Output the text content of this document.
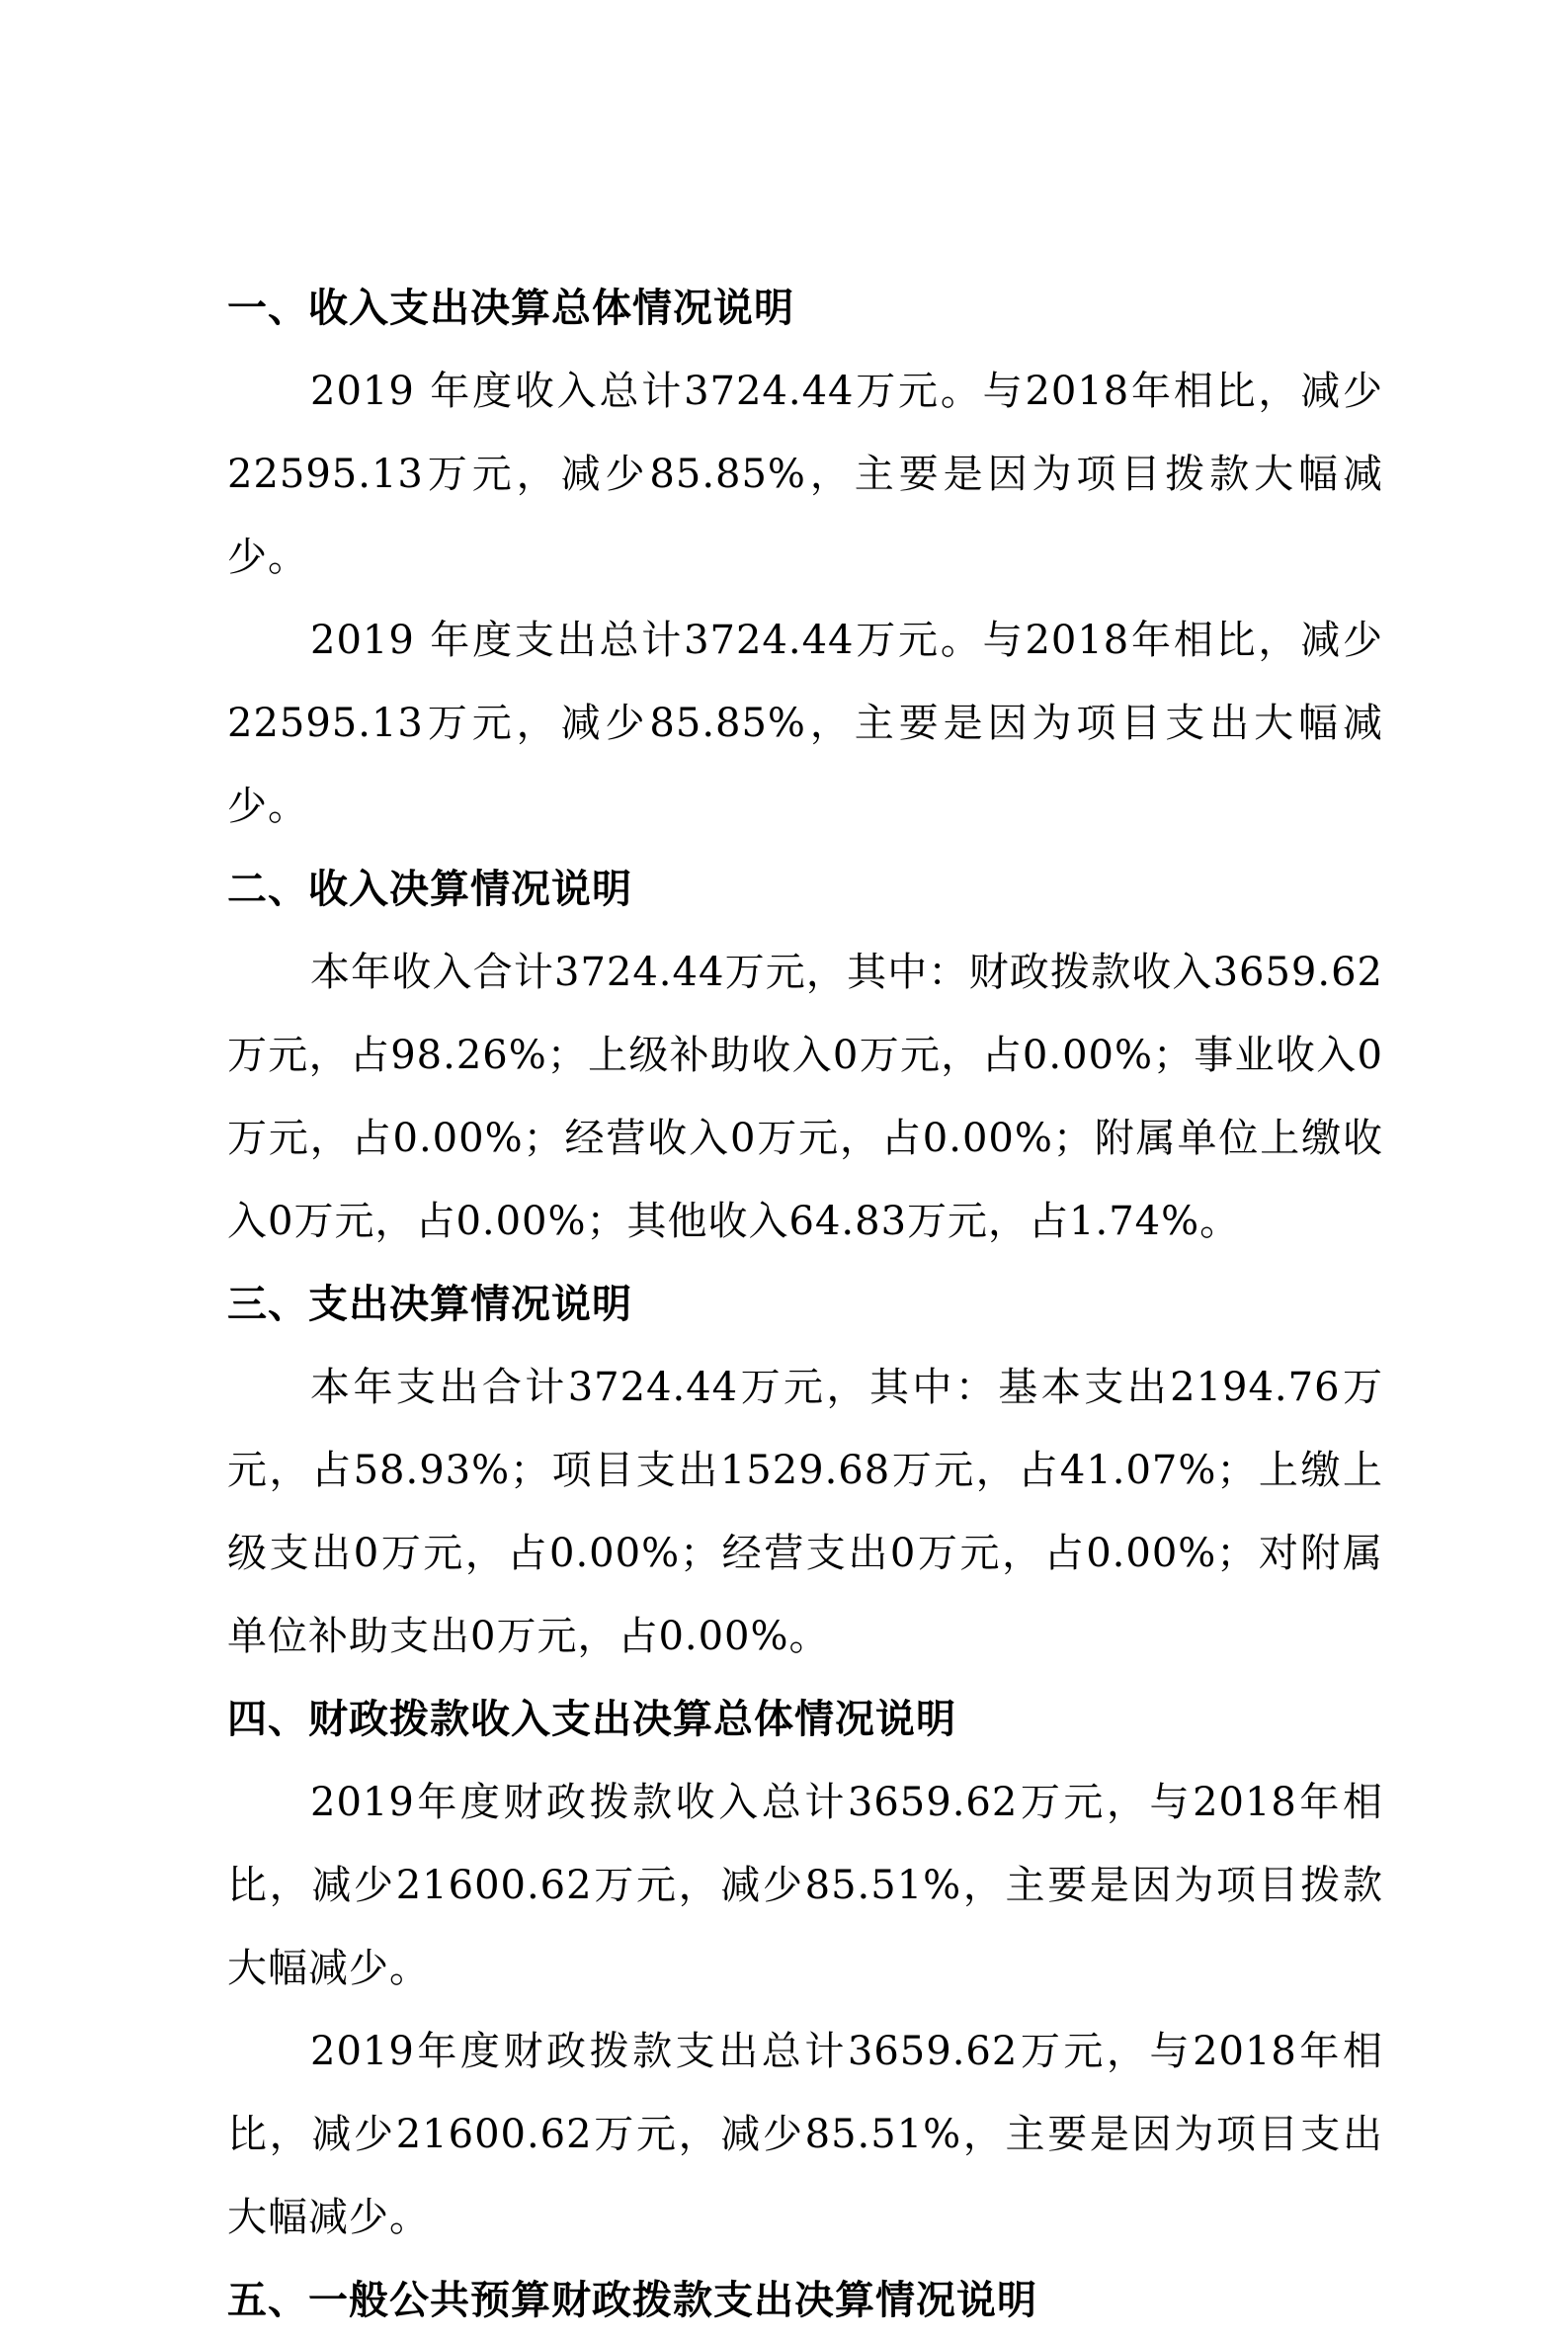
一、收入支出决算总体情况说明

2019 年度收入总计3724.44万元。与2018年相比，减少22595.13万元，减少85.85%，主要是因为项目拨款大幅减少。

2019 年度支出总计3724.44万元。与2018年相比，减少22595.13万元，减少85.85%，主要是因为项目支出大幅减少。

二、收入决算情况说明

本年收入合计3724.44万元，其中：财政拨款收入3659.62万元，占98.26%；上级补助收入0万元，占0.00%；事业收入0万元，占0.00%；经营收入0万元，占0.00%；附属单位上缴收入0万元，占0.00%；其他收入64.83万元，占1.74%。

三、支出决算情况说明

本年支出合计3724.44万元，其中：基本支出2194.76万元，占58.93%；项目支出1529.68万元，占41.07%；上缴上级支出0万元，占0.00%；经营支出0万元，占0.00%；对附属单位补助支出0万元，占0.00%。

四、财政拨款收入支出决算总体情况说明

2019年度财政拨款收入总计3659.62万元，与2018年相比，减少21600.62万元，减少85.51%，主要是因为项目拨款大幅减少。

2019年度财政拨款支出总计3659.62万元，与2018年相比，减少21600.62万元，减少85.51%，主要是因为项目支出大幅减少。

五、一般公共预算财政拨款支出决算情况说明
